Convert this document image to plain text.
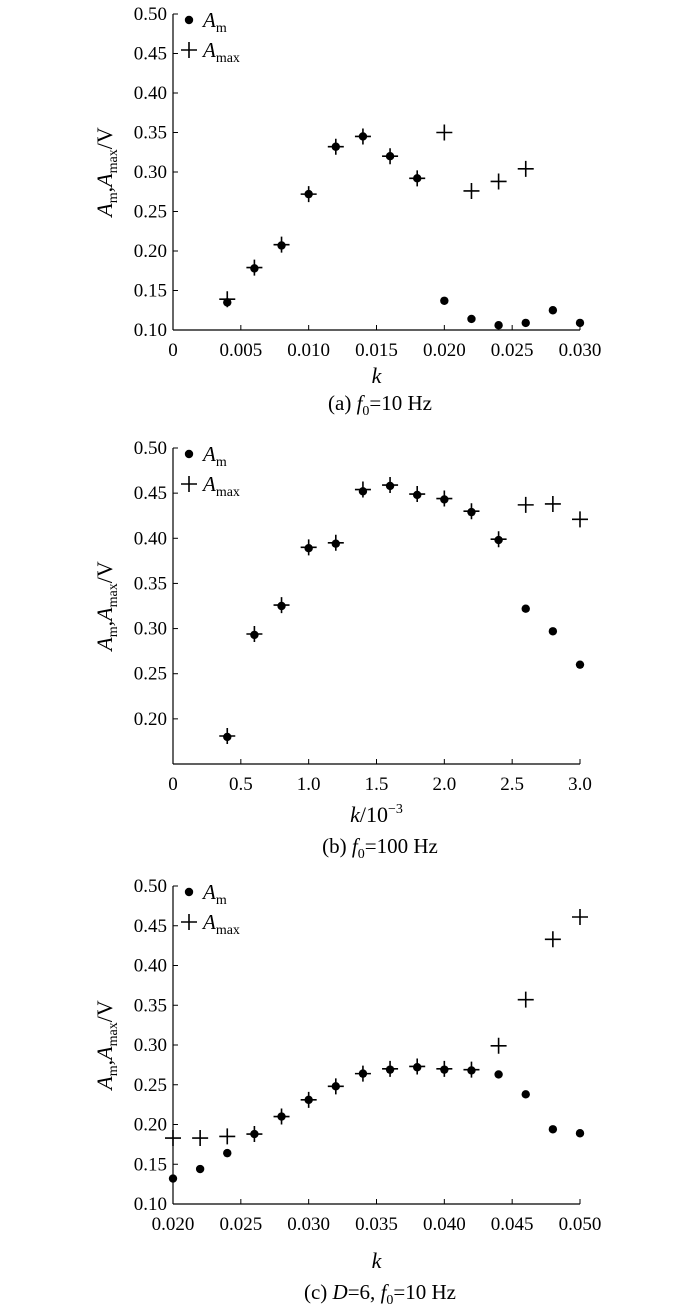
0.10
0.15
0.20
0.25
0.30
0.35
0.40
0.45
0.50
0 0.005 0.010 0.015 0.020 0.025 0.030
$A_m,A_{max}/V$
k
(a) $f_0=10$ Hz
$A_m$
$A_{max}$
0.20
0.25
0.30
0.35
0.40
0.45
0.50
0	0.5 1.0 1.5 2.0 2.5 3.0
$A_m,A_{max}/V$
$k/10^{-3}$
(b) $f_0=100$ Hz
$A_m$
$A_{max}$
0.10
0.15
0.20
0.25
0.30
0.35
0.40
0.45
0.50
0.020 0.025 0.030 0.035 0.040 0.045 0.050
$A_m,A_{max}/V$
k
(c) D=6, $f_0=10$ Hz
$A_m$
$A_{max}$
